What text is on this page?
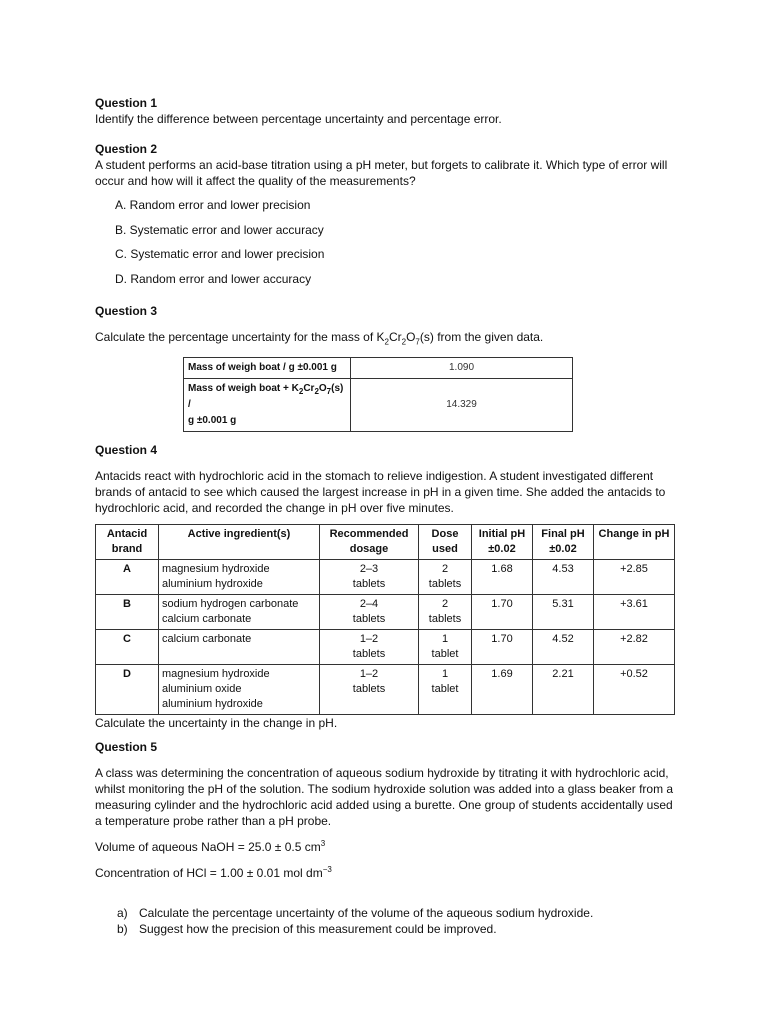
Question 1

Identify the difference between percentage uncertainty and percentage error.

Question 2

A student performs an acid-base titration using a pH meter, but forgets to calibrate it. Which type of error will occur and how will it affect the quality of the measurements?

A. Random error and lower precision
B. Systematic error and lower accuracy
C. Systematic error and lower precision
D. Random error and lower accuracy

Question 3

Calculate the percentage uncertainty for the mass of $K_2Cr_2O_7(s)$ from the given data.

Mass of weigh boat / g ±0.001 g	1.090
Mass of weigh boat + $K_2Cr_2O_7(s)$ /
g ±0.001 g	14.329

Question 4

Antacids react with hydrochloric acid in the stomach to relieve indigestion. A student investigated different brands of antacid to see which caused the largest increase in pH in a given time. She added the antacids to hydrochloric acid, and recorded the change in pH over five minutes.

Antacid brand	Active ingredient(s)	Recommended dosage	Dose used	Initial pH
±0.02	Final pH
±0.02	Change in pH
A	magnesium hydroxide
aluminium hydroxide	2–3
tablets	2
tablets	1.68	4.53	+2.85
B	sodium hydrogen carbonate
calcium carbonate	2–4
tablets	2
tablets	1.70	5.31	+3.61
C	calcium carbonate	1–2
tablets	1
tablet	1.70	4.52	+2.82
D	magnesium hydroxide
aluminium oxide
aluminium hydroxide	1–2
tablets	1
tablet	1.69	2.21	+0.52

Calculate the uncertainty in the change in pH.

Question 5

A class was determining the concentration of aqueous sodium hydroxide by titrating it with hydrochloric acid, whilst monitoring the pH of the solution. The sodium hydroxide solution was added into a glass beaker from a measuring cylinder and the hydrochloric acid added using a burette. One group of students accidentally used a temperature probe rather than a pH probe.

Volume of aqueous NaOH = 25.0 ± 0.5 $cm^3$

Concentration of HCl = 1.00 ± 0.01 mol $dm^{-3}$

a) Calculate the percentage uncertainty of the volume of the aqueous sodium hydroxide.
b) Suggest how the precision of this measurement could be improved.
